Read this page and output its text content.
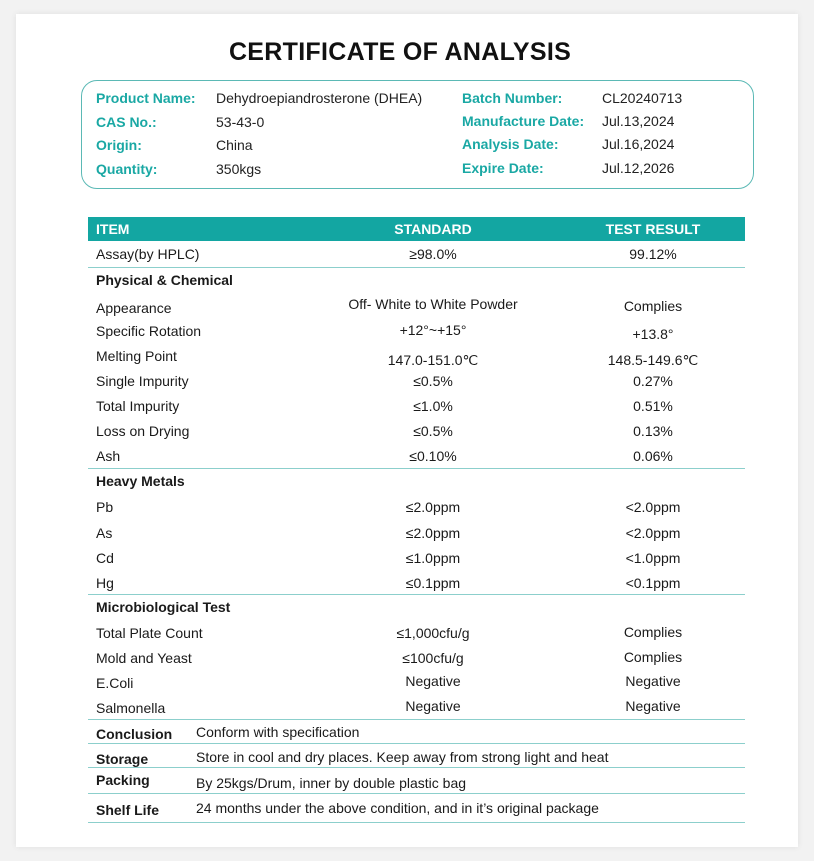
CERTIFICATE OF ANALYSIS
Product Name: Dehydroepiandrosterone (DHEA)
CAS No.:	53-43-0
Origin:	China
Quantity:	350kgs
Batch Number:	CL20240713
Manufacture Date: Jul.13,2024
Analysis Date:	Jul.16,2024
Expire Date:	Jul.12,2026
ITEM	STANDARD	TEST RESULT
Assay(by HPLC)	≥98.0%	99.12%
Physical & Chemical
Appearance	Off- White to White Powder	Complies
Specific Rotation	+12°~+15°	+13.8°
Melting Point	147.0-151.0℃	148.5-149.6℃
Single Impurity	≤0.5%	0.27%
Total Impurity	≤1.0%	0.51%
Loss on Drying	≤0.5%	0.13%
Ash	≤0.10%	0.06%
Heavy Metals
Pb	≤2.0ppm	<2.0ppm
As	≤2.0ppm	<2.0ppm
Cd	≤1.0ppm	<1.0ppm
Hg	≤0.1ppm	<0.1ppm
Microbiological Test
Total Plate Count	≤1,000cfu/g	Complies
Mold and Yeast	≤100cfu/g	Complies
E.Coli	Negative	Negative
Salmonella	Negative	Negative
Conclusion Conform with specification
Storage	Store in cool and dry places. Keep away from strong light and heat
Packing	By 25kgs/Drum, inner by double plastic bag
Shelf Life	24 months under the above condition, and in it’s original package
